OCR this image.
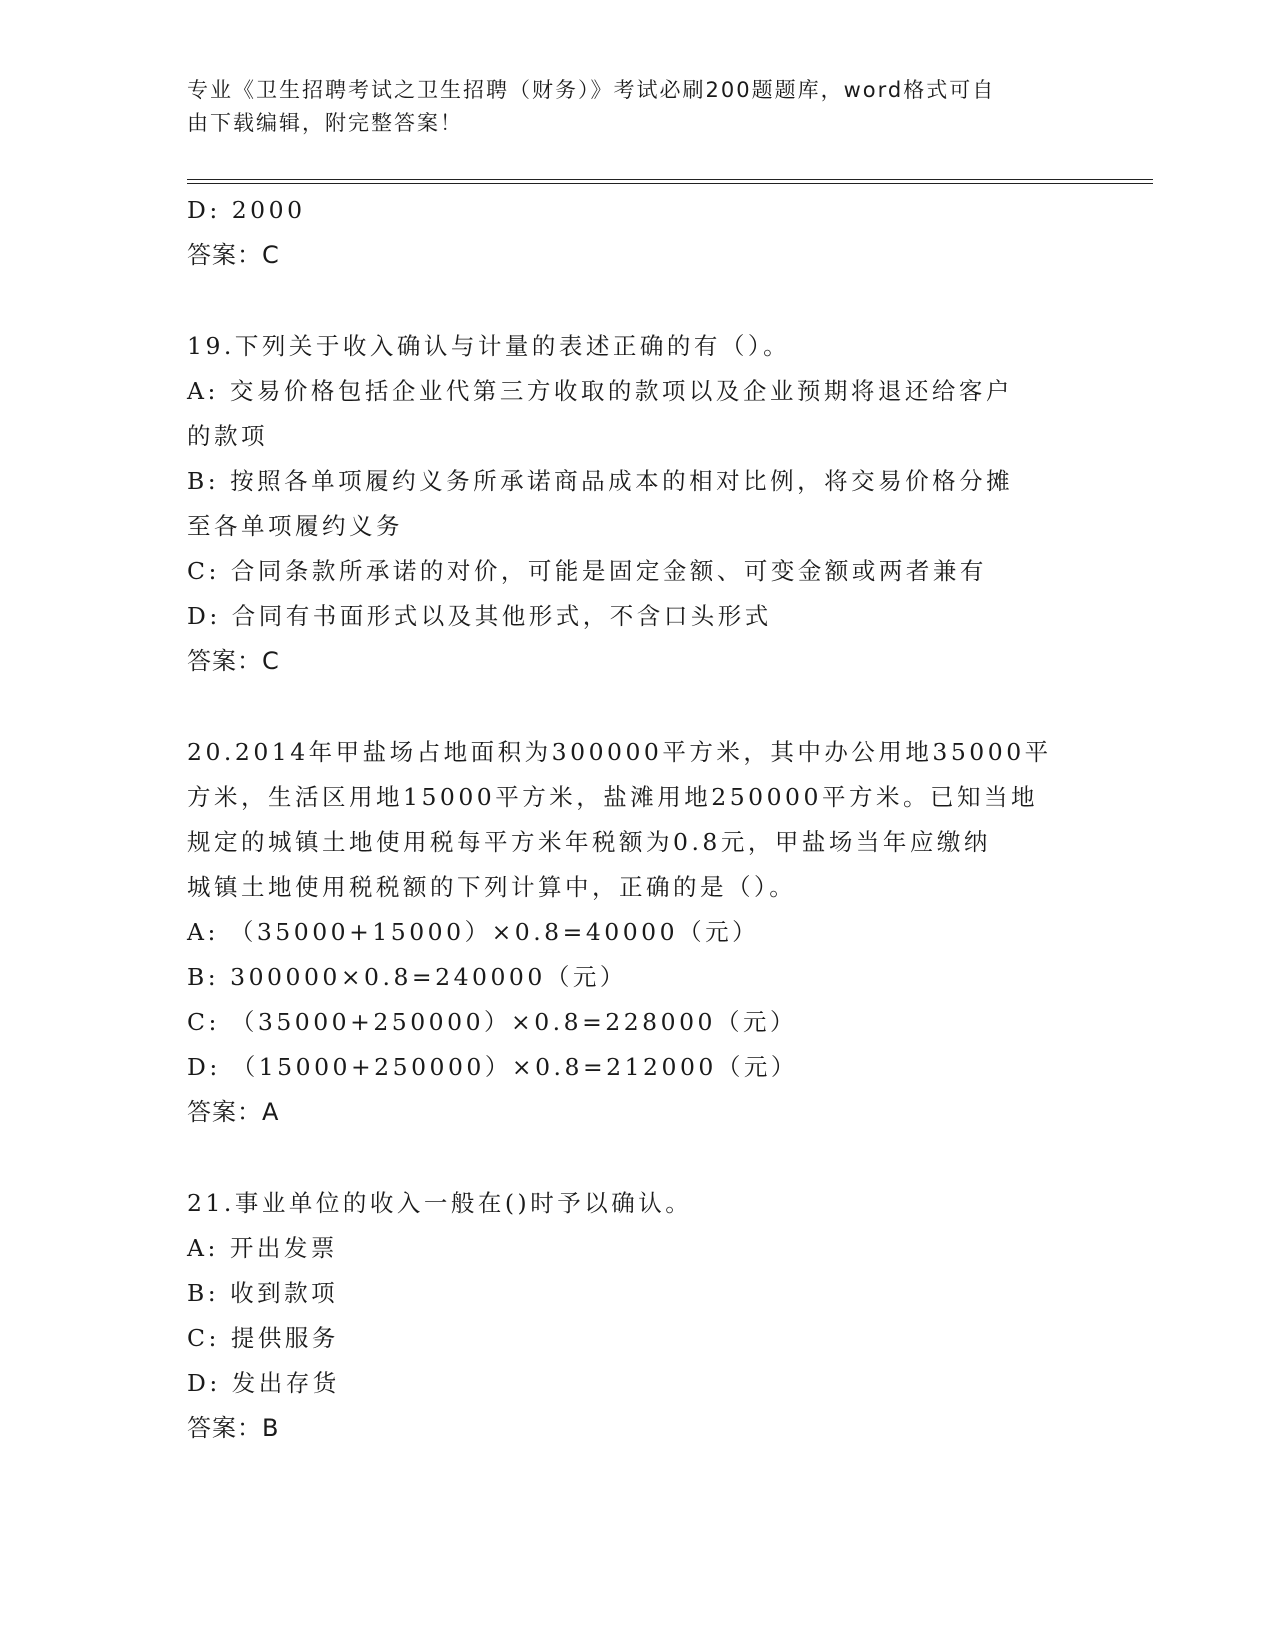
专业《卫生招聘考试之卫生招聘（财务）》考试必刷200题题库，word格式可自
由下载编辑，附完整答案！
D: 2000
答案：C
19.下列关于收入确认与计量的表述正确的有（）。
A: 交易价格包括企业代第三方收取的款项以及企业预期将退还给客户
的款项
B: 按照各单项履约义务所承诺商品成本的相对比例，将交易价格分摊
至各单项履约义务
C: 合同条款所承诺的对价，可能是固定金额、可变金额或两者兼有
D: 合同有书面形式以及其他形式，不含口头形式
答案：C
20.2014年甲盐场占地面积为300000平方米，其中办公用地35000平
方米，生活区用地15000平方米，盐滩用地250000平方米。已知当地
规定的城镇土地使用税每平方米年税额为0.8元，甲盐场当年应缴纳
城镇土地使用税税额的下列计算中，正确的是（）。
A: （35000+15000）×0.8=40000（元）
B: 300000×0.8=240000（元）
C: （35000+250000）×0.8=228000（元）
D: （15000+250000）×0.8=212000（元）
答案：A
21.事业单位的收入一般在()时予以确认。
A: 开出发票
B: 收到款项
C: 提供服务
D: 发出存货
答案：B
